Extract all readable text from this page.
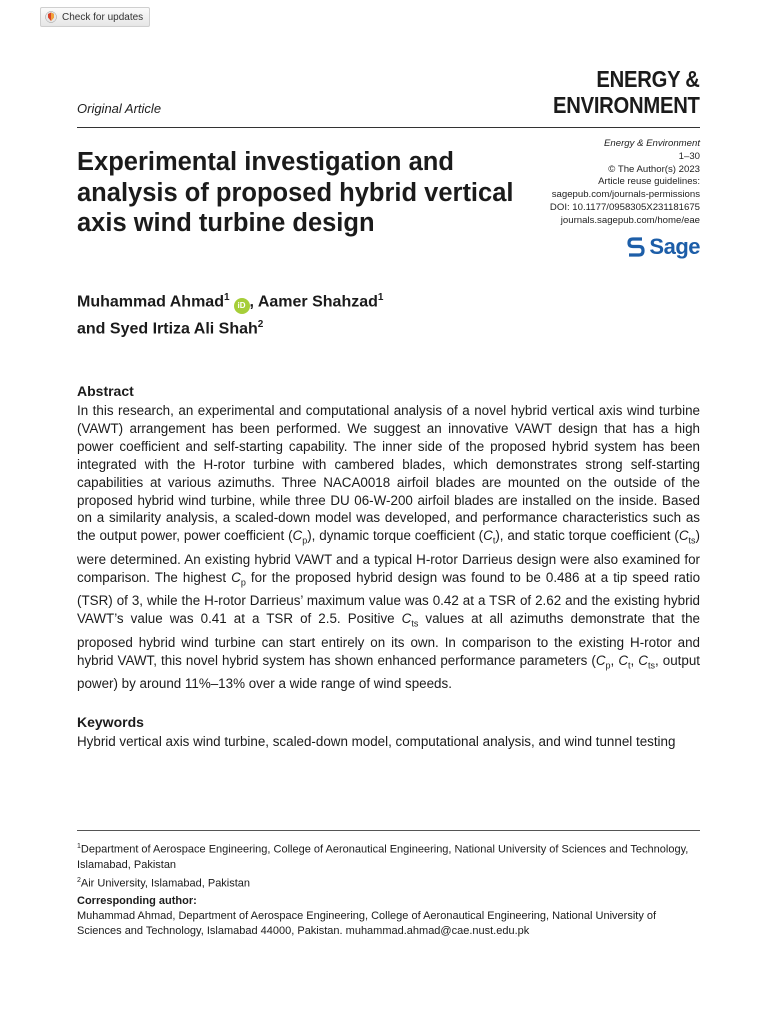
Check for updates
Original Article
ENERGY &
ENVIRONMENT
Energy & Environment
1–30
© The Author(s) 2023
Article reuse guidelines:
sagepub.com/journals-permissions
DOI: 10.1177/0958305X231181675
journals.sagepub.com/home/eae
Sage
Experimental investigation and analysis of proposed hybrid vertical axis wind turbine design
Muhammad Ahmad$^1$iD , Aamer Shahzad$^1$
and Syed Irtiza Ali Shah$^2$
Abstract

In this research, an experimental and computational analysis of a novel hybrid vertical axis wind turbine (VAWT) arrangement has been performed. We suggest an innovative VAWT design that has a high power coefficient and self-starting capability. The inner side of the proposed hybrid system has been integrated with the H-rotor turbine with cambered blades, which demonstrates strong self-starting capabilities at various azimuths. Three NACA0018 airfoil blades are mounted on the outside of the proposed hybrid wind turbine, while three DU 06-W-200 airfoil blades are installed on the inside. Based on a similarity analysis, a scaled-down model was developed, and performance characteristics such as the output power, power coefficient $(C_p)$, dynamic torque coefficient $(C_t)$, and static torque coefficient $(C_{ts})$ were determined. An existing hybrid VAWT and a typical H-rotor Darrieus design were also examined for comparison. The highest $C_p$ for the proposed hybrid design was found to be 0.486 at a tip speed ratio (TSR) of 3, while the H-rotor Darrieus’ maximum value was 0.42 at a TSR of 2.62 and the existing hybrid VAWT’s value was 0.41 at a TSR of 2.5. Positive $C_{ts}$ values at all azimuths demonstrate that the proposed hybrid wind turbine can start entirely on its own. In comparison to the existing H-rotor and hybrid VAWT, this novel hybrid system has shown enhanced performance parameters ($C_p$, $C_t$, $C_{ts}$, output power) by around 11%–13% over a wide range of wind speeds.

Keywords

Hybrid vertical axis wind turbine, scaled-down model, computational analysis, and wind tunnel testing

$^1$Department of Aerospace Engineering, College of Aeronautical Engineering, National University of Sciences and Technology, Islamabad, Pakistan

$^2$Air University, Islamabad, Pakistan

Corresponding author:

Muhammad Ahmad, Department of Aerospace Engineering, College of Aeronautical Engineering, National University of Sciences and Technology, Islamabad 44000, Pakistan. muhammad.ahmad@cae.nust.edu.pk
